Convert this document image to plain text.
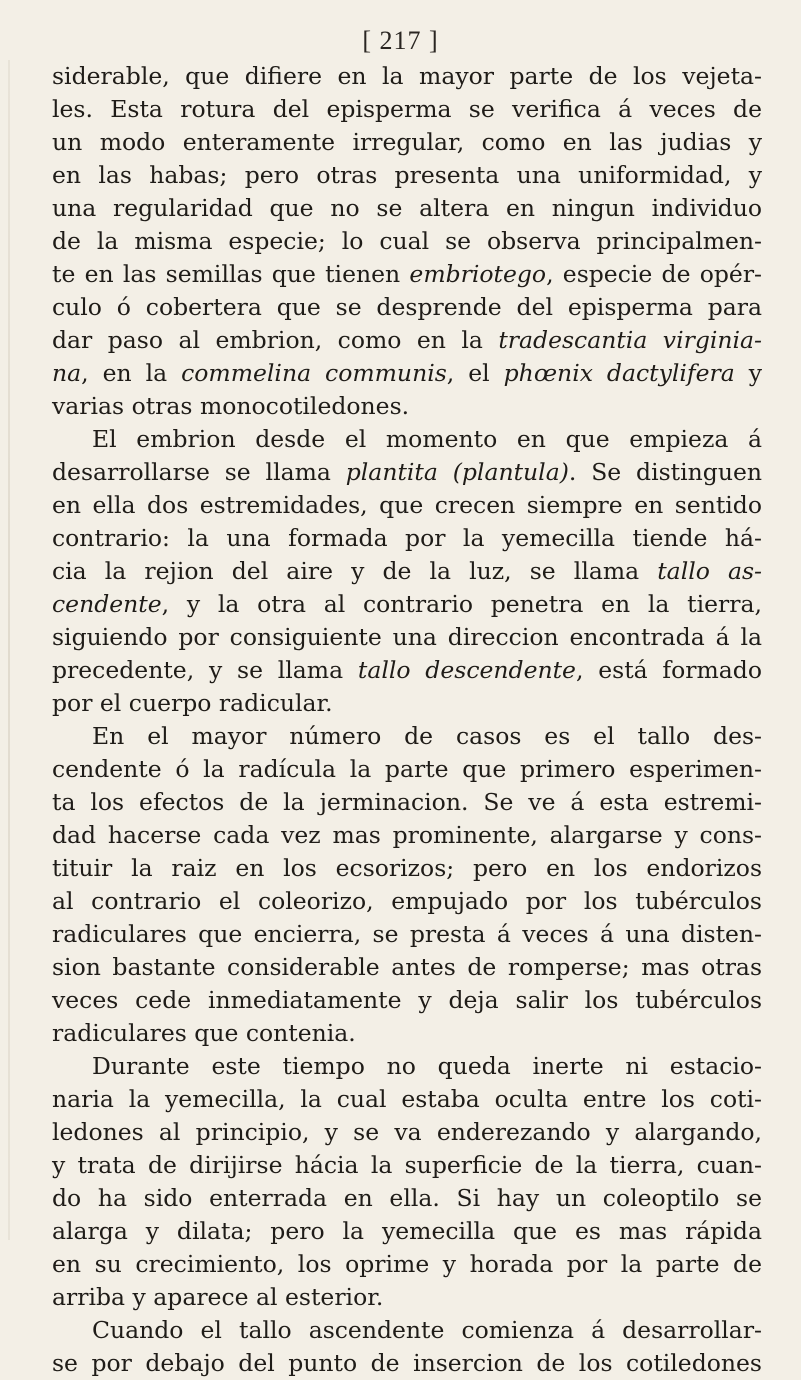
[ 217 ]
siderable, que difiere en la mayor parte de los vejeta-
les. Esta rotura del episperma se verifica á veces de
un modo enteramente irregular, como en las judias y
en las habas; pero otras presenta una uniformidad, y
una regularidad que no se altera en ningun individuo
de la misma especie; lo cual se observa principalmen-
te en las semillas que tienen embriotego, especie de opér-
culo ó cobertera que se desprende del episperma para
dar paso al embrion, como en la tradescantia virginia-
na, en la commelina communis, el phœnix dactylifera y
varias otras monocotiledones.
El embrion desde el momento en que empieza á
desarrollarse se llama plantita (plantula). Se distinguen
en ella dos estremidades, que crecen siempre en sentido
contrario: la una formada por la yemecilla tiende há-
cia la rejion del aire y de la luz, se llama tallo as-
cendente, y la otra al contrario penetra en la tierra,
siguiendo por consiguiente una direccion encontrada á la
precedente, y se llama tallo descendente, está formado
por el cuerpo radicular.
En el mayor número de casos es el tallo des-
cendente ó la radícula la parte que primero esperimen-
ta los efectos de la jerminacion. Se ve á esta estremi-
dad hacerse cada vez mas prominente, alargarse y cons-
tituir la raiz en los ecsorizos; pero en los endorizos
al contrario el coleorizo, empujado por los tubérculos
radiculares que encierra, se presta á veces á una disten-
sion bastante considerable antes de romperse; mas otras
veces cede inmediatamente y deja salir los tubérculos
radiculares que contenia.
Durante este tiempo no queda inerte ni estacio-
naria la yemecilla, la cual estaba oculta entre los coti-
ledones al principio, y se va enderezando y alargando,
y trata de dirijirse hácia la superficie de la tierra, cuan-
do ha sido enterrada en ella. Si hay un coleoptilo se
alarga y dilata; pero la yemecilla que es mas rápida
en su crecimiento, los oprime y horada por la parte de
arriba y aparece al esterior.
Cuando el tallo ascendente comienza á desarrollar-
se por debajo del punto de insercion de los cotiledones
